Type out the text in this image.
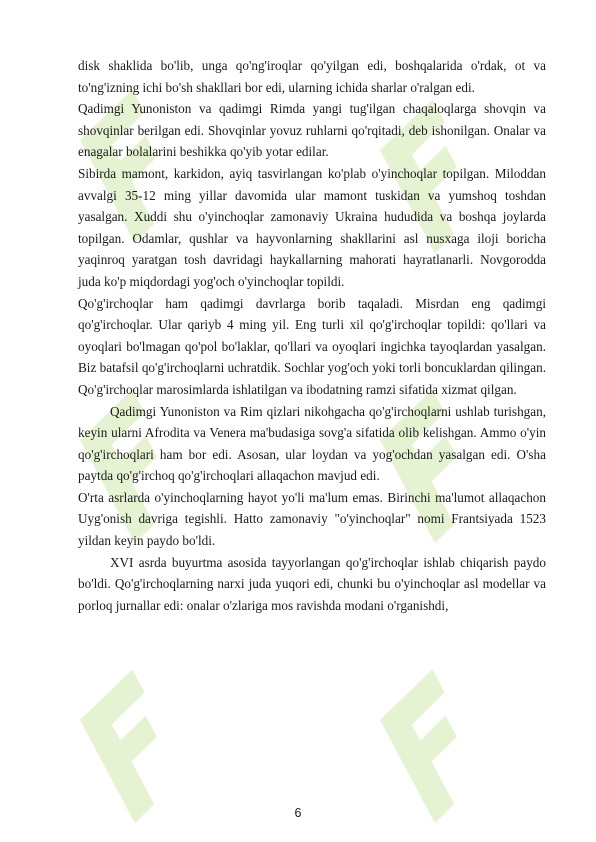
disk shaklida bo'lib, unga qo'ng'iroqlar qo'yilgan edi, boshqalarida o'rdak, ot va to'ng'izning ichi bo'sh shakllari bor edi, ularning ichida sharlar o'ralgan edi.

Qadimgi Yunoniston va qadimgi Rimda yangi tug'ilgan chaqaloqlarga shovqin va shovqinlar berilgan edi. Shovqinlar yovuz ruhlarni qo'rqitadi, deb ishonilgan. Onalar va enagalar bolalarini beshikka qo'yib yotar edilar.

Sibirda mamont, karkidon, ayiq tasvirlangan ko'plab o'yinchoqlar topilgan. Miloddan avvalgi 35-12 ming yillar davomida ular mamont tuskidan va yumshoq toshdan yasalgan. Xuddi shu o'yinchoqlar zamonaviy Ukraina hududida va boshqa joylarda topilgan. Odamlar, qushlar va hayvonlarning shakllarini asl nusxaga iloji boricha yaqinroq yaratgan tosh davridagi haykallarning mahorati hayratlanarli. Novgorodda juda ko'p miqdordagi yog'och o'yinchoqlar topildi.

Qo'g'irchoqlar ham qadimgi davrlarga borib taqaladi. Misrdan eng qadimgi qo'g'irchoqlar. Ular qariyb 4 ming yil. Eng turli xil qo'g'irchoqlar topildi: qo'llari va oyoqlari bo'lmagan qo'pol bo'laklar, qo'llari va oyoqlari ingichka tayoqlardan yasalgan. Biz batafsil qo'g'irchoqlarni uchratdik. Sochlar yog'och yoki torli boncuklardan qilingan. Qo'g'irchoqlar marosimlarda ishlatilgan va ibodatning ramzi sifatida xizmat qilgan.

Qadimgi Yunoniston va Rim qizlari nikohgacha qo'g'irchoqlarni ushlab turishgan, keyin ularni Afrodita va Venera ma'budasiga sovg'a sifatida olib kelishgan. Ammo o'yin qo'g'irchoqlari ham bor edi. Asosan, ular loydan va yog'ochdan yasalgan edi. O'sha paytda qo'g'irchoq qo'g'irchoqlari allaqachon mavjud edi.

O'rta asrlarda o'yinchoqlarning hayot yo'li ma'lum emas. Birinchi ma'lumot allaqachon Uyg'onish davriga tegishli. Hatto zamonaviy "o'yinchoqlar" nomi Frantsiyada 1523 yildan keyin paydo bo'ldi.

XVI asrda buyurtma asosida tayyorlangan qo'g'irchoqlar ishlab chiqarish paydo bo'ldi. Qo'g'irchoqlarning narxi juda yuqori edi, chunki bu o'yinchoqlar asl modellar va porloq jurnallar edi: onalar o'zlariga mos ravishda modani o'rganishdi,

6
